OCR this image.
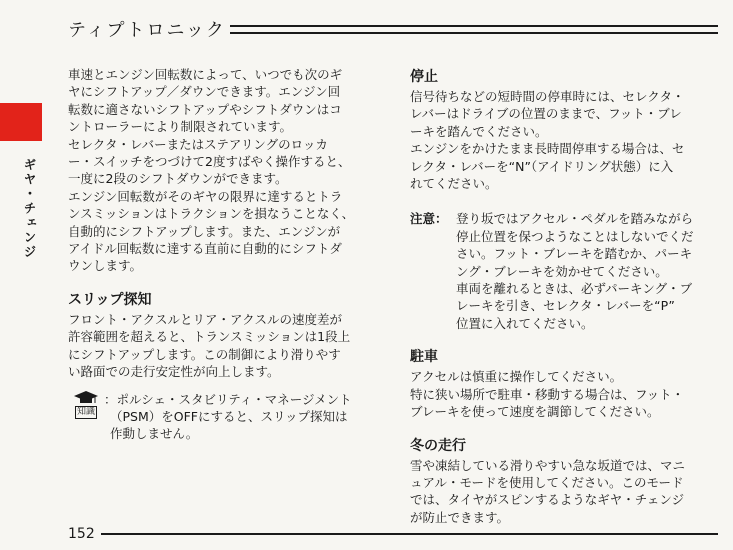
ティプトロニック
ギヤ・チェンジ

車速とエンジン回転数によって、いつでも次のギ

ヤにシフトアップ／ダウンできます。エンジン回

転数に適さないシフトアップやシフトダウンはコ

ントローラーにより制限されています。

セレクタ・レバーまたはステアリングのロッカ

ー・スイッチをつづけて2度すばやく操作すると、

一度に2段のシフトダウンができます。

エンジン回転数がそのギヤの限界に達するとトラ

ンスミッションはトラクションを損なうことなく、

自動的にシフトアップします。また、エンジンが

アイドル回転数に達する直前に自動的にシフトダ

ウンします。

スリップ探知

フロント・アクスルとリア・アクスルの速度差が

許容範囲を超えると、トランスミッションは1段上

にシフトアップします。この制御により滑りやす

い路面での走行安定性が向上します。

知識
：ポルシェ・スタビリティ・マネージメント
（PSM）をOFFにすると、スリップ探知は
作動しません。

停止

信号待ちなどの短時間の停車時には、セレクタ・

レバーはドライブの位置のままで、フット・ブレ

ーキを踏んでください。

エンジンをかけたまま長時間停車する場合は、セ

レクタ・レバーを“N”（アイドリング状態）に入

れてください。

注意： 登り坂ではアクセル・ペダルを踏みながら
停止位置を保つようなことはしないでくだ
さい。フット・ブレーキを踏むか、パーキ
ング・ブレーキを効かせてください。
車両を離れるときは、必ずパーキング・ブ
レーキを引き、セレクタ・レバーを“P”
位置に入れてください。

駐車

アクセルは慎重に操作してください。

特に狭い場所で駐車・移動する場合は、フット・

ブレーキを使って速度を調節してください。

冬の走行

雪や凍結している滑りやすい急な坂道では、マニ

ュアル・モードを使用してください。このモード

では、タイヤがスピンするようなギヤ・チェンジ

が防止できます。

152
